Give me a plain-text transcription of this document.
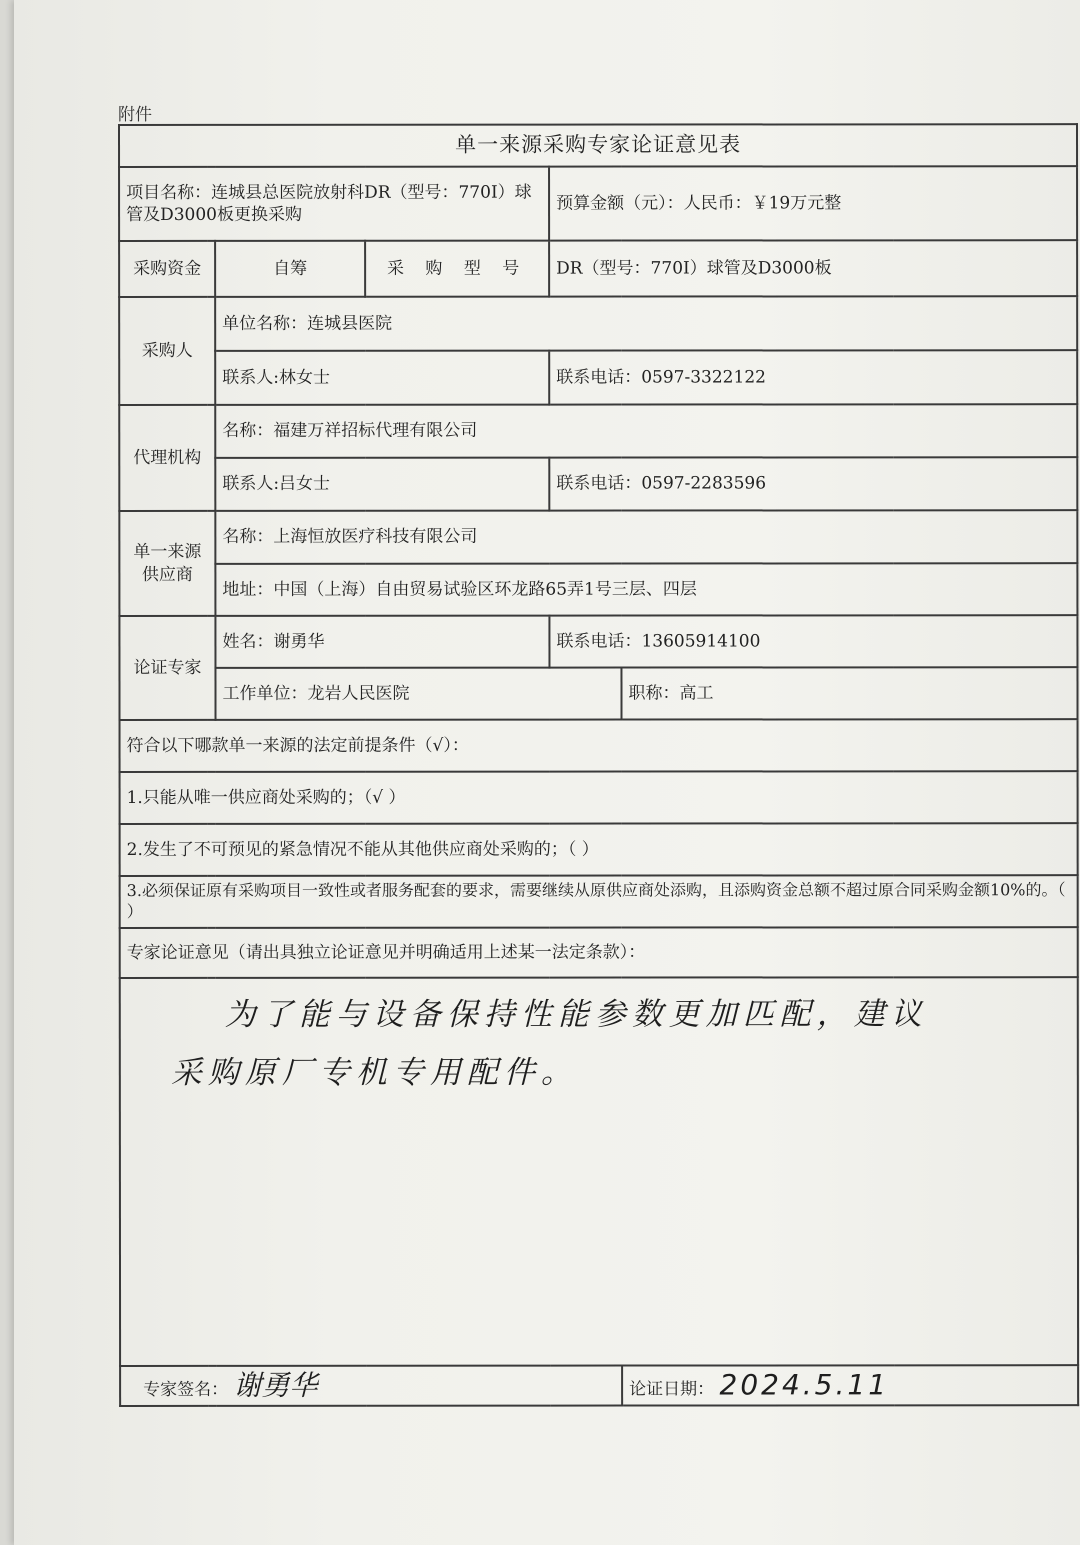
附件
单一来源采购专家论证意见表				
项目名称：连城县总医院放射科DR（型号：770I）球管及D3000板更换采购			预算金额（元）：人民币：￥19万元整	
采购资金	自筹	采 购 型 号	DR（型号：770I）球管及D3000板	
采购人	单位名称：连城县医院			
	联系人:林女士		联系电话：0597-3322122	
代理机构	名称：福建万祥招标代理有限公司			
	联系人:吕女士		联系电话：0597-2283596	
单一来源供应商	名称：上海恒放医疗科技有限公司			
	地址：中国（上海）自由贸易试验区环龙路65弄1号三层、四层			
论证专家	姓名：谢勇华		联系电话：13605914100	
	工作单位：龙岩人民医院			职称：高工
符合以下哪款单一来源的法定前提条件（√）：				
1.只能从唯一供应商处采购的；（√ ）				
2.发生了不可预见的紧急情况不能从其他供应商处采购的；（ ）				
3.必须保证原有采购项目一致性或者服务配套的要求，需要继续从原供应商处添购，且添购资金总额不超过原合同采购金额10%的。（ ）				
专家论证意见（请出具独立论证意见并明确适用上述某一法定条款）：				

为了能与设备保持性能参数更加匹配，建议
采购原厂专机专用配件。				

专家签名： 谢勇华				论证日期： 2024.5.11
